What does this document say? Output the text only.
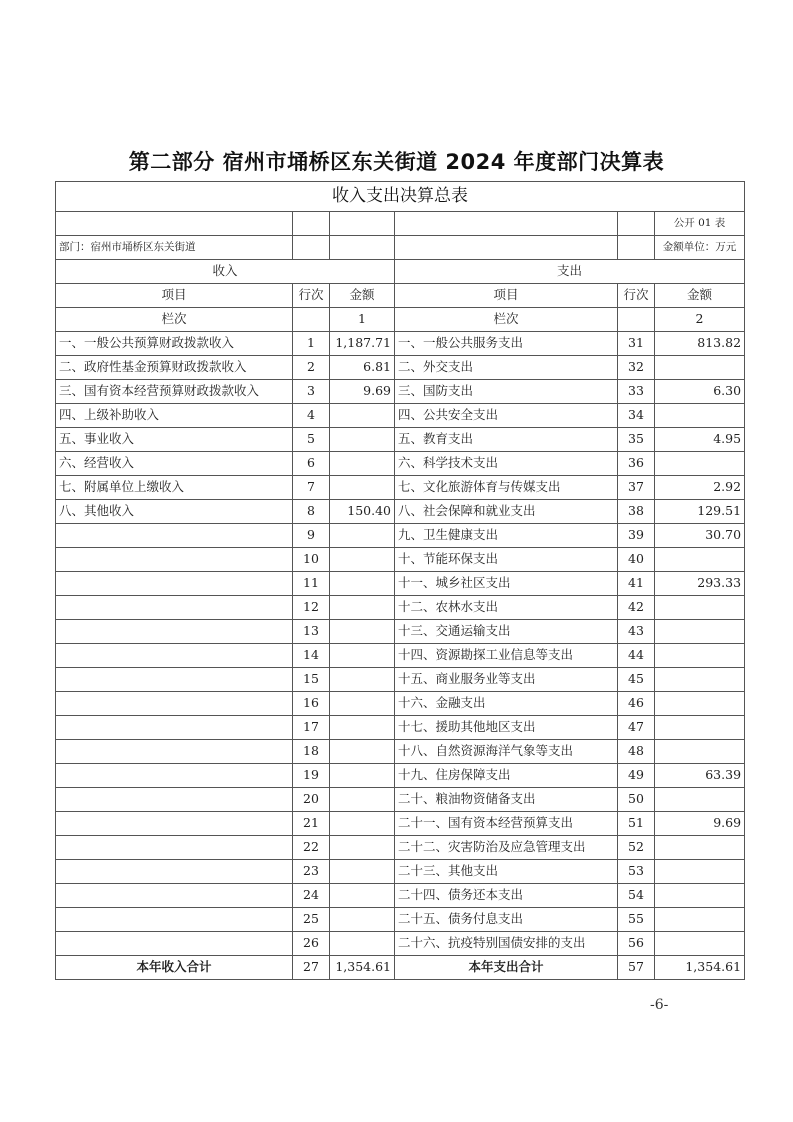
第二部分 宿州市埇桥区东关街道 2024 年度部门决算表
收入支出决算总表					
					公开 01 表
部门：宿州市埇桥区东关街道					金额单位：万元
收入			支出		
项目	行次	金额	项目	行次	金额
栏次		1	栏次		2
一、一般公共预算财政拨款收入	1	1,187.71	一、一般公共服务支出	31	813.82
二、政府性基金预算财政拨款收入	2	6.81	二、外交支出	32	
三、国有资本经营预算财政拨款收入	3	9.69	三、国防支出	33	6.30
四、上级补助收入	4		四、公共安全支出	34	
五、事业收入	5		五、教育支出	35	4.95
六、经营收入	6		六、科学技术支出	36	
七、附属单位上缴收入	7		七、文化旅游体育与传媒支出	37	2.92
八、其他收入	8	150.40	八、社会保障和就业支出	38	129.51
	9		九、卫生健康支出	39	30.70
	10		十、节能环保支出	40	
	11		十一、城乡社区支出	41	293.33
	12		十二、农林水支出	42	
	13		十三、交通运输支出	43	
	14		十四、资源勘探工业信息等支出	44	
	15		十五、商业服务业等支出	45	
	16		十六、金融支出	46	
	17		十七、援助其他地区支出	47	
	18		十八、自然资源海洋气象等支出	48	
	19		十九、住房保障支出	49	63.39
	20		二十、粮油物资储备支出	50	
	21		二十一、国有资本经营预算支出	51	9.69
	22		二十二、灾害防治及应急管理支出	52	
	23		二十三、其他支出	53	
	24		二十四、债务还本支出	54	
	25		二十五、债务付息支出	55	
	26		二十六、抗疫特别国债安排的支出	56	
本年收入合计	27	1,354.61	本年支出合计	57	1,354.61
-6-
